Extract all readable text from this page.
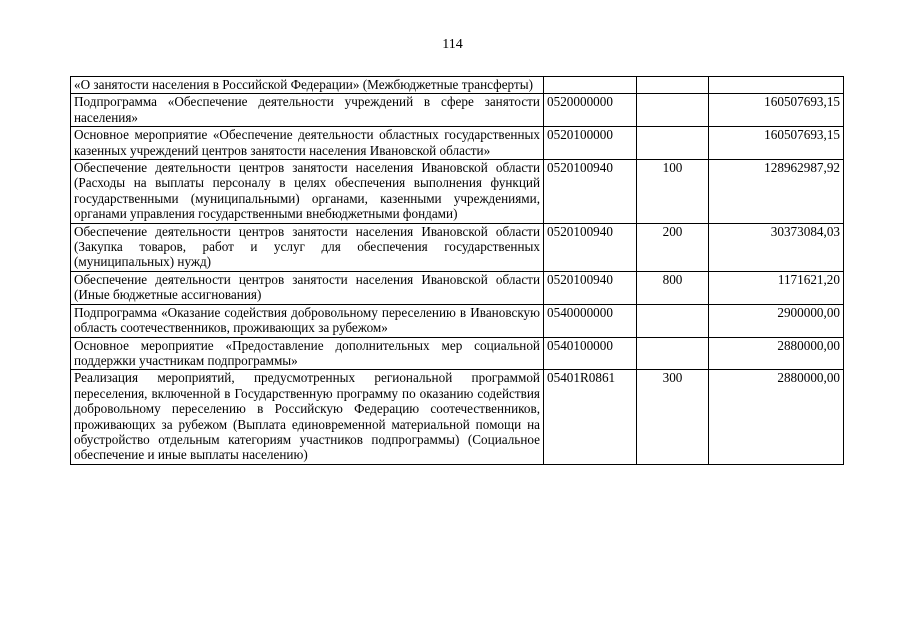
114
«О занятости населения в Российской Федерации» (Межбюджетные трансферты)			
Подпрограмма «Обеспечение деятельности учреждений в сфере занятости населения»	0520000000		160507693,15
Основное мероприятие «Обеспечение деятельности областных государственных казенных учреждений центров занятости населения Ивановской области»	0520100000		160507693,15
Обеспечение деятельности центров занятости населения Ивановской области (Расходы на выплаты персоналу в целях обеспечения выполнения функций государственными (муниципальными) органами, казенными учреждениями, органами управления государственными внебюджетными фондами)	0520100940	100	128962987,92
Обеспечение деятельности центров занятости населения Ивановской области (Закупка товаров, работ и услуг для обеспечения государственных (муниципальных) нужд)	0520100940	200	30373084,03
Обеспечение деятельности центров занятости населения Ивановской области (Иные бюджетные ассигнования)	0520100940	800	1171621,20
Подпрограмма «Оказание содействия добровольному переселению в Ивановскую область соотечественников, проживающих за рубежом»	0540000000		2900000,00
Основное мероприятие «Предоставление дополнительных мер социальной поддержки участникам подпрограммы»	0540100000		2880000,00
Реализация мероприятий, предусмотренных региональной программой переселения, включенной в Государственную программу по оказанию содействия добровольному переселению в Российскую Федерацию соотечественников, проживающих за рубежом (Выплата единовременной материальной помощи на обустройство отдельным категориям участников подпрограммы) (Социальное обеспечение и иные выплаты населению)	05401R0861	300	2880000,00
